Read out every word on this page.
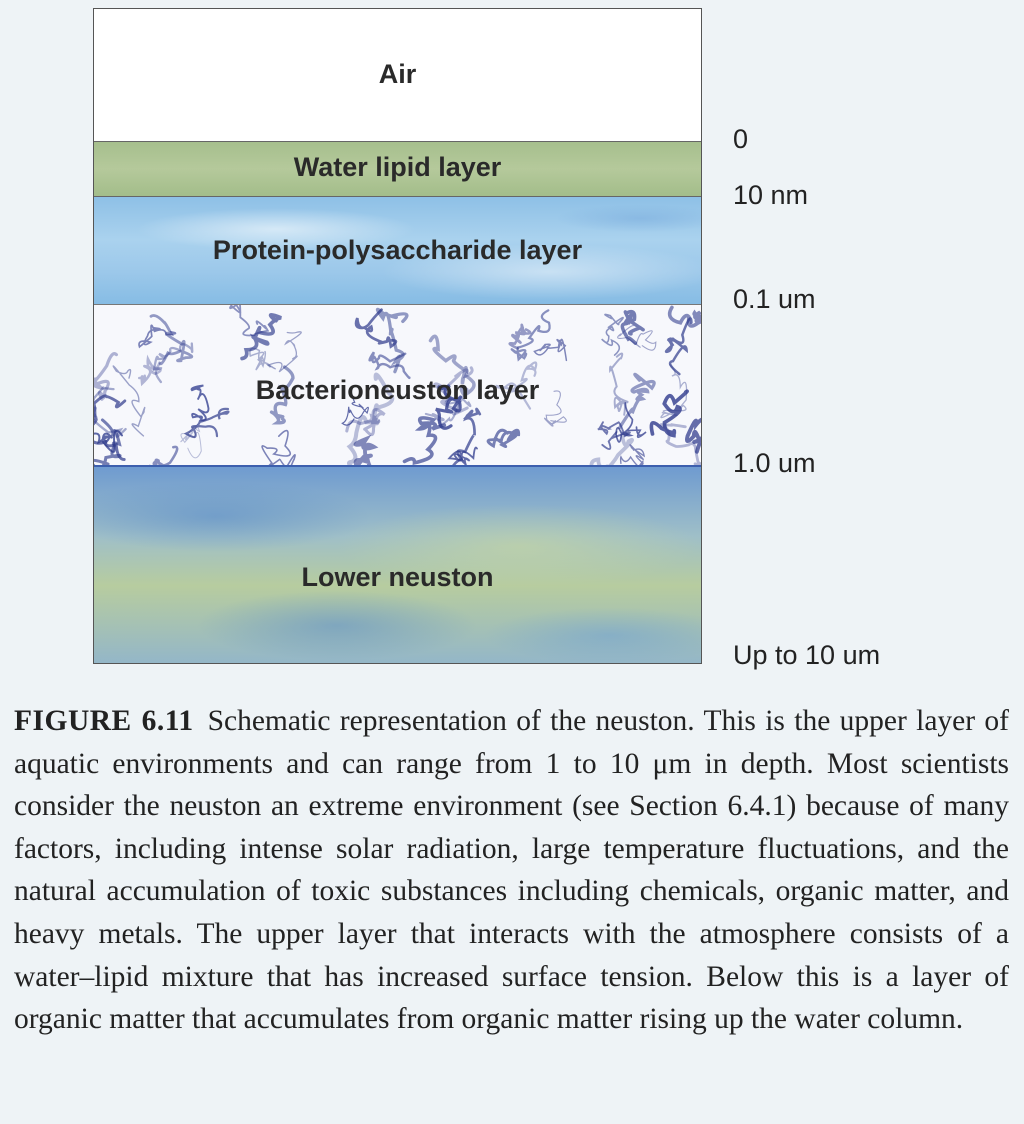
Air
Water lipid layer
Protein-polysaccharide layer
Bacterioneuston layer
Lower neuston
0
10 nm
0.1 um
1.0 um
Up to 10 um
FIGURE 6.11 Schematic representation of the neuston. This is the upper layer of aquatic environments and can range from 1 to 10 μm in depth. Most scientists consider the neuston an extreme environment (see Section 6.4.1) because of many factors, including intense solar radiation, large temperature fluctuations, and the natural accumulation of toxic substances including chemicals, organic matter, and heavy metals. The upper layer that interacts with the atmosphere consists of a water–lipid mixture that has increased surface tension. Below this is a layer of organic matter that accumulates from organic matter rising up the water column.
